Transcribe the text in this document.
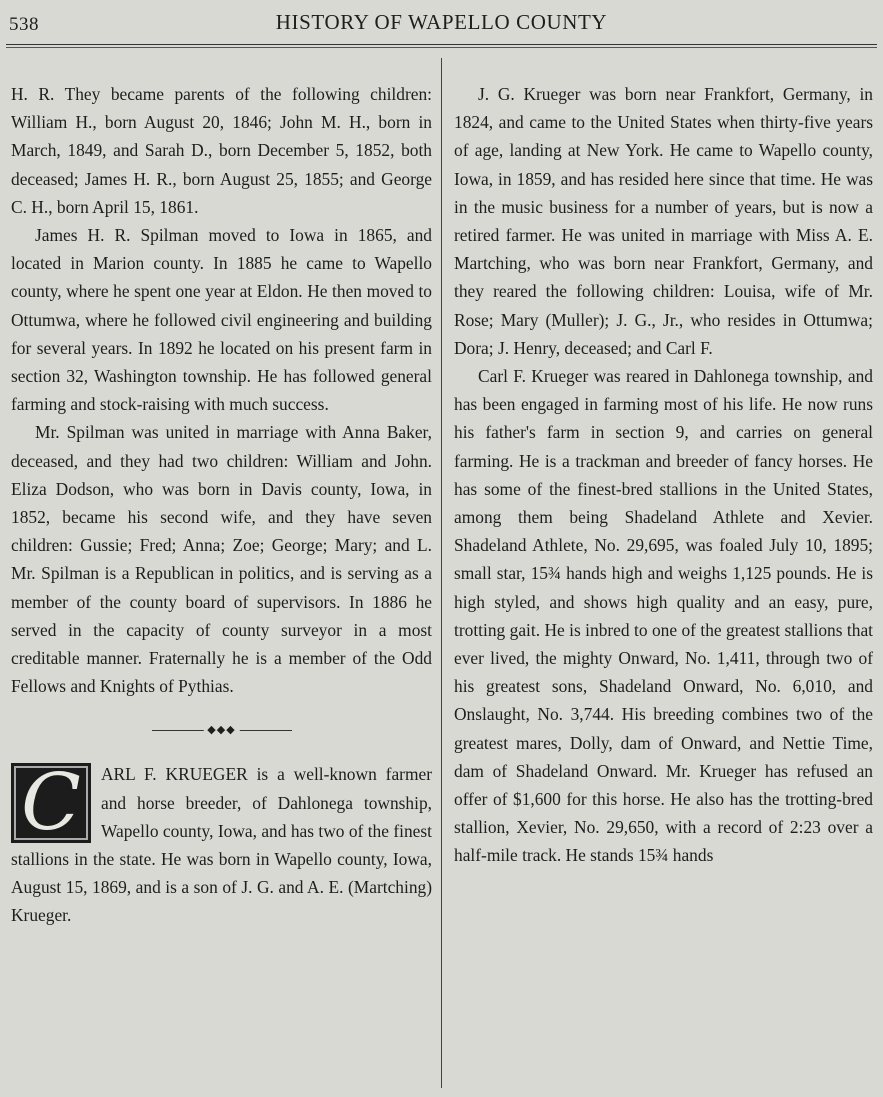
538	HISTORY OF WAPELLO COUNTY

H. R. They became parents of the following children: William H., born August 20, 1846; John M. H., born in March, 1849, and Sarah D., born December 5, 1852, both deceased; James H. R., born August 25, 1855; and George C. H., born April 15, 1861.

James H. R. Spilman moved to Iowa in 1865, and located in Marion county. In 1885 he came to Wapello county, where he spent one year at Eldon. He then moved to Ottumwa, where he followed civil engineering and building for several years. In 1892 he located on his present farm in section 32, Washington township. He has followed general farming and stock-raising with much success.

Mr. Spilman was united in marriage with Anna Baker, deceased, and they had two children: William and John. Eliza Dodson, who was born in Davis county, Iowa, in 1852, became his second wife, and they have seven children: Gussie; Fred; Anna; Zoe; George; Mary; and L. Mr. Spilman is a Republican in politics, and is serving as a member of the county board of supervisors. In 1886 he served in the capacity of county surveyor in a most creditable manner. Fraternally he is a member of the Odd Fellows and Knights of Pythias.

◆◆◆
C	ARL F. KRUEGER is a well-known farmer and horse breeder, of Dahlonega township, Wapello county, Iowa, and has two of the finest stallions in the state. He was born in Wapello county, Iowa, August 15, 1869, and is a son of J. G. and A. E. (Martching) Krueger.

J. G. Krueger was born near Frankfort, Germany, in 1824, and came to the United States when thirty-five years of age, landing at New York. He came to Wapello county, Iowa, in 1859, and has resided here since that time. He was in the music business for a number of years, but is now a retired farmer. He was united in marriage with Miss A. E. Martching, who was born near Frankfort, Germany, and they reared the following children: Louisa, wife of Mr. Rose; Mary (Muller); J. G., Jr., who resides in Ottumwa; Dora; J. Henry, deceased; and Carl F.

Carl F. Krueger was reared in Dahlonega township, and has been engaged in farming most of his life. He now runs his father's farm in section 9, and carries on general farming. He is a trackman and breeder of fancy horses. He has some of the finest-bred stallions in the United States, among them being Shadeland Athlete and Xevier. Shadeland Athlete, No. 29,695, was foaled July 10, 1895; small star, 15¾ hands high and weighs 1,125 pounds. He is high styled, and shows high quality and an easy, pure, trotting gait. He is inbred to one of the greatest stallions that ever lived, the mighty Onward, No. 1,411, through two of his greatest sons, Shadeland Onward, No. 6,010, and Onslaught, No. 3,744. His breeding combines two of the greatest mares, Dolly, dam of Onward, and Nettie Time, dam of Shadeland Onward. Mr. Krueger has refused an offer of $1,600 for this horse. He also has the trotting-bred stallion, Xevier, No. 29,650, with a record of 2:23 over a half-mile track. He stands 15¾ hands
